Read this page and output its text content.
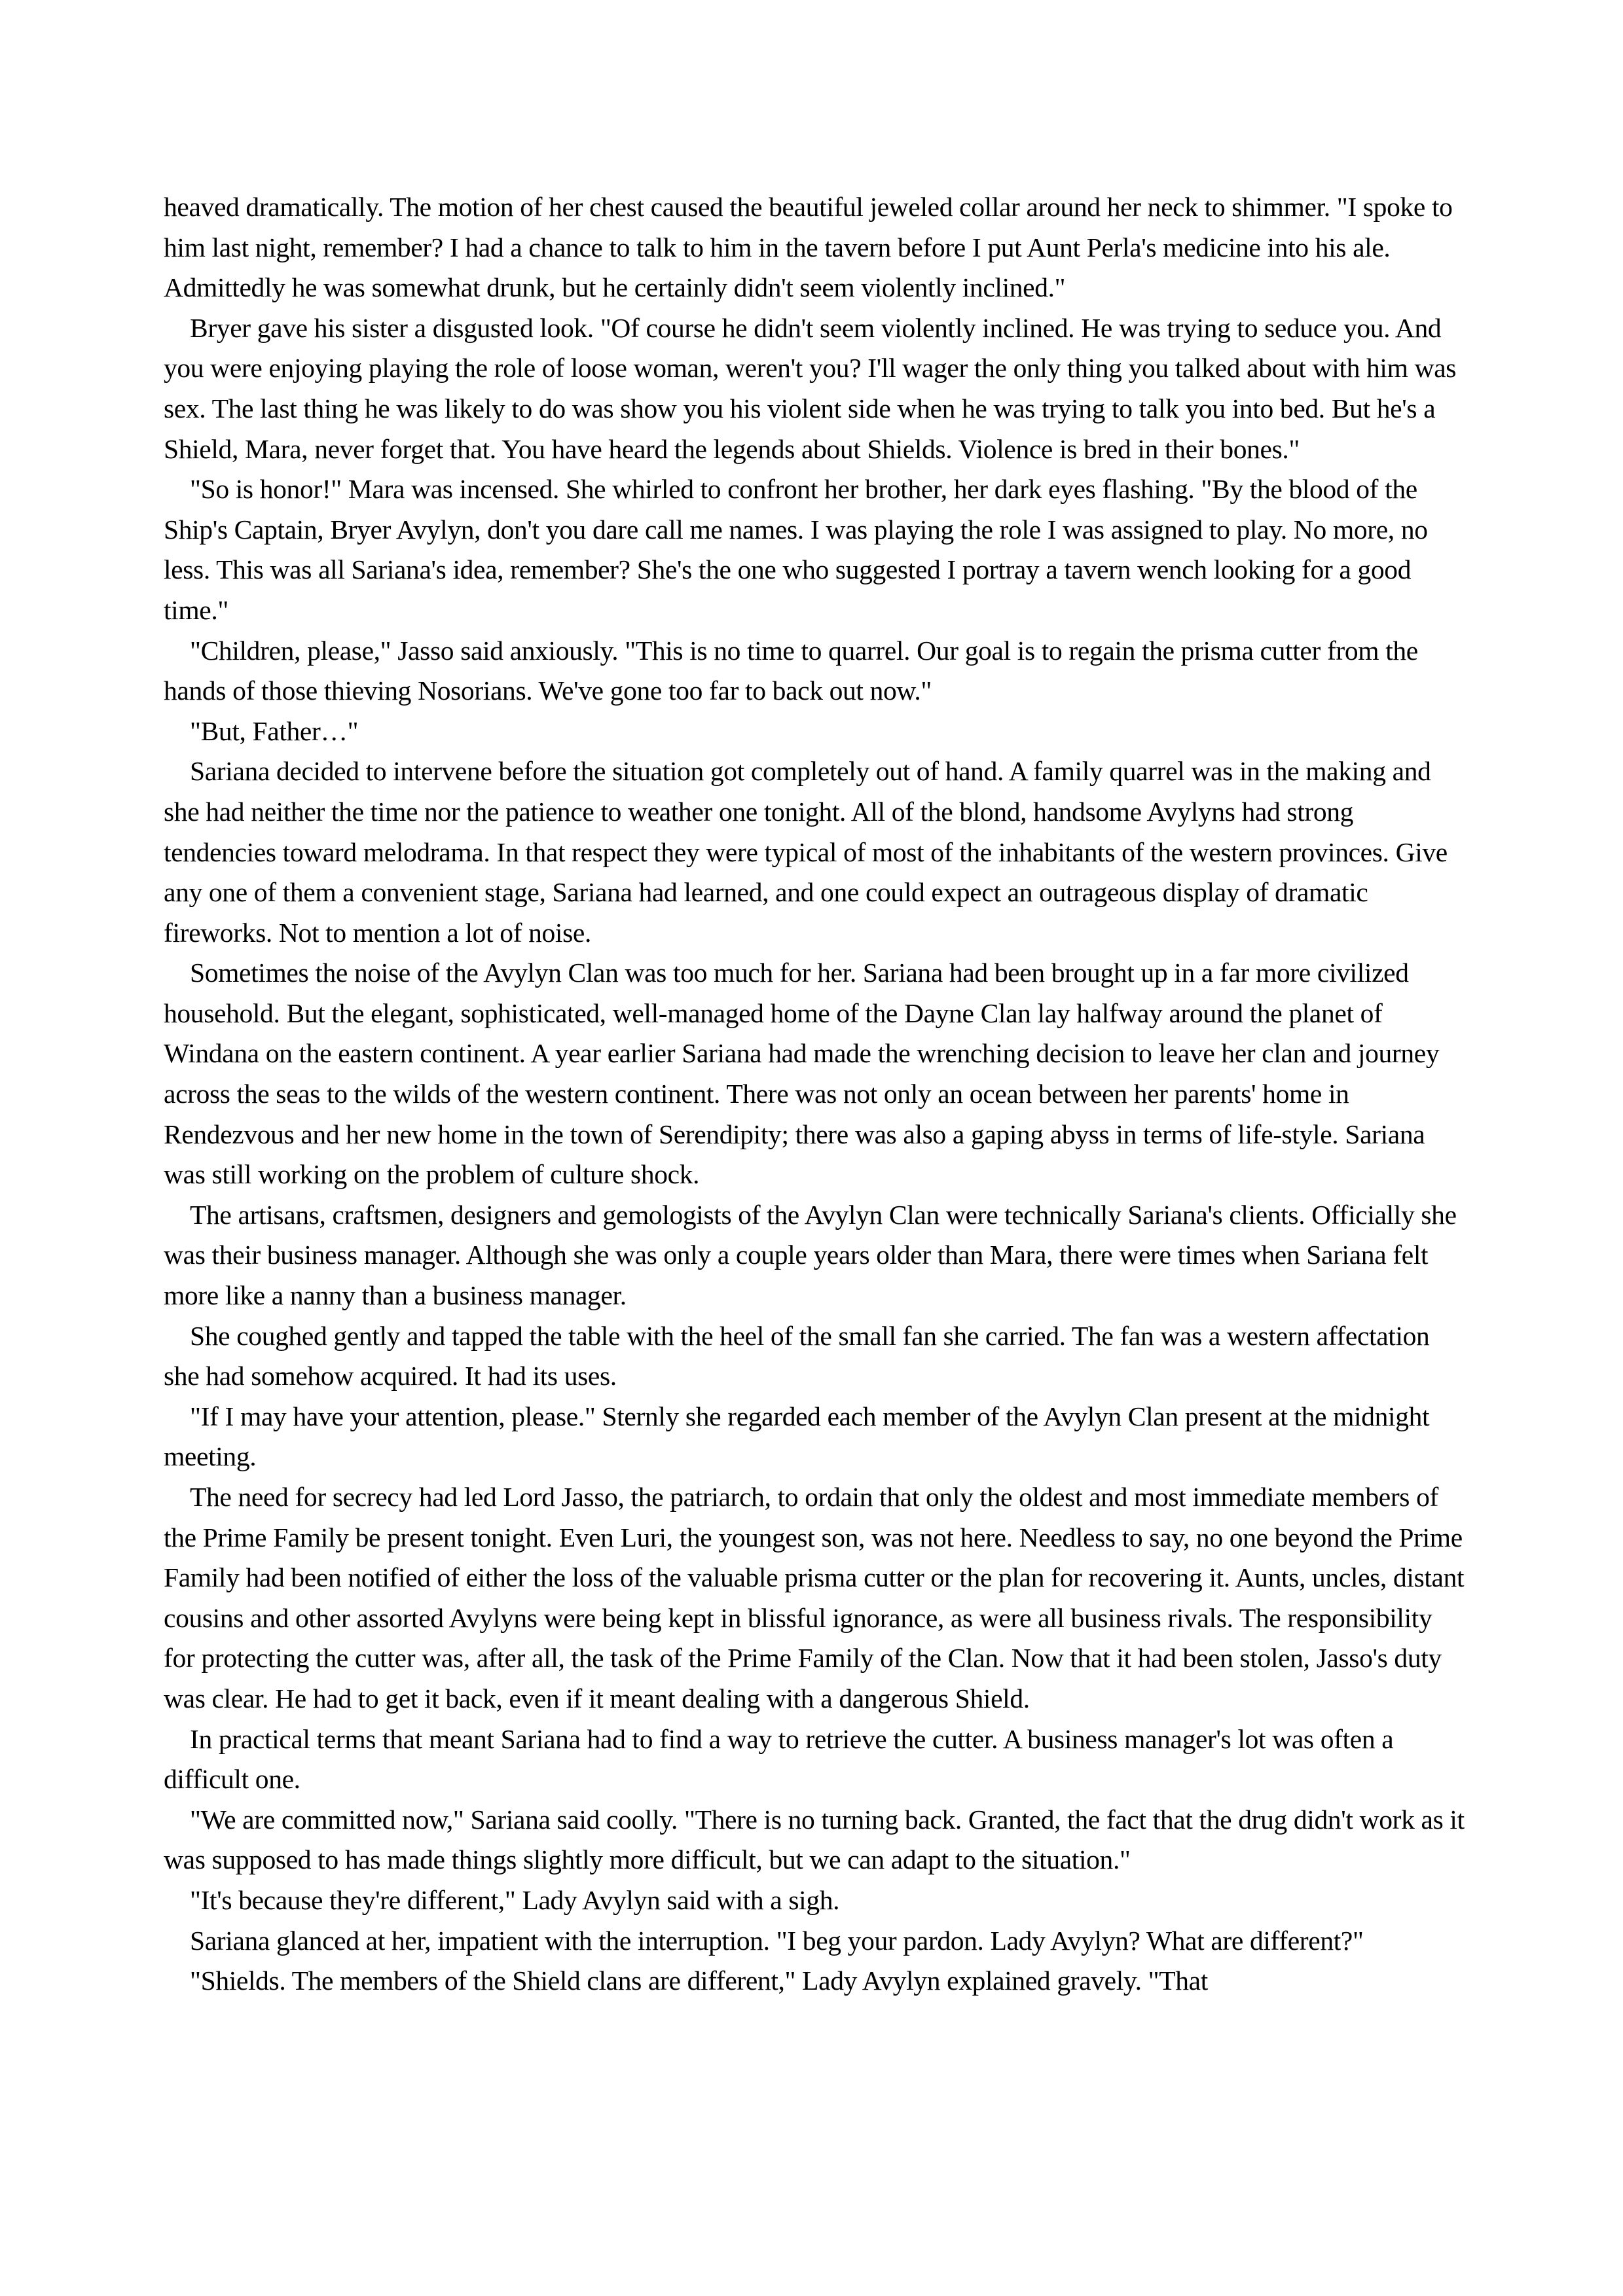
heaved dramatically. The motion of her chest caused the beautiful jeweled collar around her neck to shimmer. "I spoke to him last night, remember? I had a chance to talk to him in the tavern before I put Aunt Perla's medicine into his ale. Admittedly he was somewhat drunk, but he certainly didn't seem violently inclined."

Bryer gave his sister a disgusted look. "Of course he didn't seem violently inclined. He was trying to seduce you. And you were enjoying playing the role of loose woman, weren't you? I'll wager the only thing you talked about with him was sex. The last thing he was likely to do was show you his violent side when he was trying to talk you into bed. But he's a Shield, Mara, never forget that. You have heard the legends about Shields. Violence is bred in their bones."

"So is honor!" Mara was incensed. She whirled to confront her brother, her dark eyes flashing. "By the blood of the Ship's Captain, Bryer Avylyn, don't you dare call me names. I was playing the role I was assigned to play. No more, no less. This was all Sariana's idea, remember? She's the one who suggested I portray a tavern wench looking for a good time."

"Children, please," Jasso said anxiously. "This is no time to quarrel. Our goal is to regain the prisma cutter from the hands of those thieving Nosorians. We've gone too far to back out now."

"But, Father…"

Sariana decided to intervene before the situation got completely out of hand. A family quarrel was in the making and she had neither the time nor the patience to weather one tonight. All of the blond, handsome Avylyns had strong tendencies toward melodrama. In that respect they were typical of most of the inhabitants of the western provinces. Give any one of them a convenient stage, Sariana had learned, and one could expect an outrageous display of dramatic fireworks. Not to mention a lot of noise.

Sometimes the noise of the Avylyn Clan was too much for her. Sariana had been brought up in a far more civilized household. But the elegant, sophisticated, well-managed home of the Dayne Clan lay halfway around the planet of Windana on the eastern continent. A year earlier Sariana had made the wrenching decision to leave her clan and journey across the seas to the wilds of the western continent. There was not only an ocean between her parents' home in Rendezvous and her new home in the town of Serendipity; there was also a gaping abyss in terms of life-style. Sariana was still working on the problem of culture shock.

The artisans, craftsmen, designers and gemologists of the Avylyn Clan were technically Sariana's clients. Officially she was their business manager. Although she was only a couple years older than Mara, there were times when Sariana felt more like a nanny than a business manager.

She coughed gently and tapped the table with the heel of the small fan she carried. The fan was a western affectation she had somehow acquired. It had its uses.

"If I may have your attention, please." Sternly she regarded each member of the Avylyn Clan present at the midnight meeting.

The need for secrecy had led Lord Jasso, the patriarch, to ordain that only the oldest and most immediate members of the Prime Family be present tonight. Even Luri, the youngest son, was not here. Needless to say, no one beyond the Prime Family had been notified of either the loss of the valuable prisma cutter or the plan for recovering it. Aunts, uncles, distant cousins and other assorted Avylyns were being kept in blissful ignorance, as were all business rivals. The responsibility for protecting the cutter was, after all, the task of the Prime Family of the Clan. Now that it had been stolen, Jasso's duty was clear. He had to get it back, even if it meant dealing with a dangerous Shield.

In practical terms that meant Sariana had to find a way to retrieve the cutter. A business manager's lot was often a difficult one.

"We are committed now," Sariana said coolly. "There is no turning back. Granted, the fact that the drug didn't work as it was supposed to has made things slightly more difficult, but we can adapt to the situation."

"It's because they're different," Lady Avylyn said with a sigh.

Sariana glanced at her, impatient with the interruption. "I beg your pardon. Lady Avylyn? What are different?"

"Shields. The members of the Shield clans are different," Lady Avylyn explained gravely. "That
